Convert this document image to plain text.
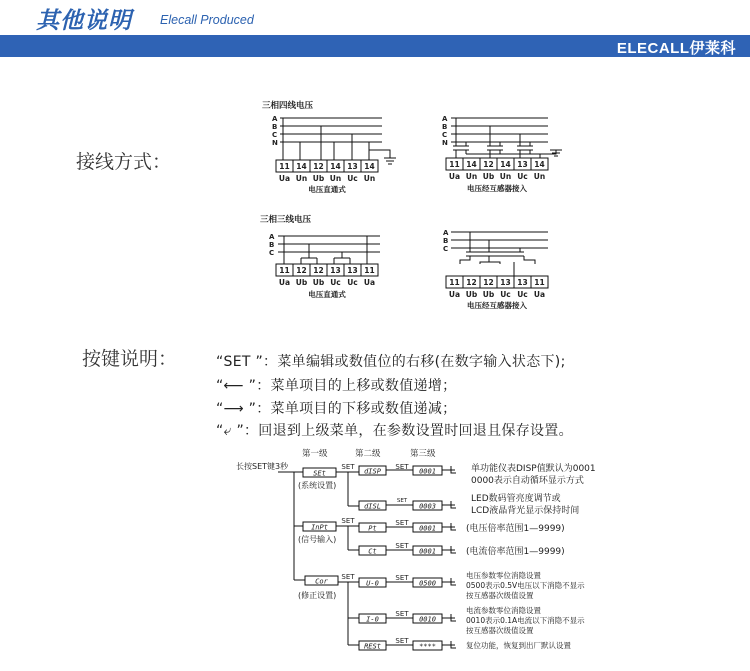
其他说明 Elecall Produced
ELECALL伊莱科
接线方式：
按键说明：	“SET ”：菜单编辑或数值位的右移(在数字输入状态下);
“⟵ ”：菜单项目的上移或数值递增；
“⟶ ”：菜单项目的下移或数值递减；
“⤶ ”：回退到上级菜单，在参数设置时回退且保存设置。
三相四线电压
A
B
C
N
11 14 12 14 13 14
Ua Un Ub Un Uc Un
电压直通式
A
B
C
N
11 14 12 14 13 14
Ua Un Ub Un Uc Un
电压经互感器接入
三相三线电压
A
B
C
11 12 12 13 13 11
Ua Ub Ub Uc Uc Ua
电压直通式
A
B
C
11 12 12 13 13 11
Ua Ub Ub Uc Uc Ua
电压经互感器接入
第一级	第二级	第三级
长按SET键3秒
SEt
InPt
Cor
dISP
dISL
Pt
Ct
U-0
I-0
RESt
0001
0003
0001
0001
0500
0010
****
(系统设置)
(信号输入)
(修正设置)
SET	SET
SET
SET	SET
SET
SET	SET
SET
SET
单功能仪表DISP值默认为0001
0000表示自动循环显示方式
LED数码管亮度调节或
LCD液晶背光显示保持时间
(电压倍率范围1—9999)
(电流倍率范围1—9999)
电压参数零位消隐设置
0500表示0.5V电压以下消隐不显示
按互感器次级值设置
电流参数零位消隐设置
0010表示0.1A电流以下消隐不显示
按互感器次级值设置
复位功能，恢复到出厂默认设置
